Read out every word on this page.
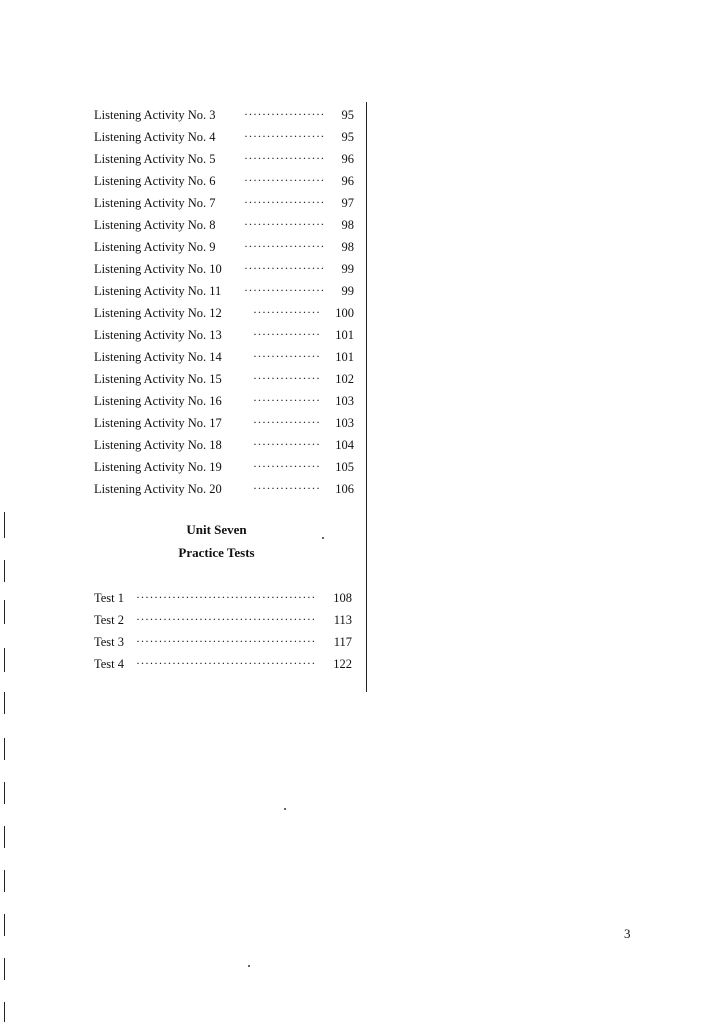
Listening Activity No. 3 ·················· 95
Listening Activity No. 4 ·················· 95
Listening Activity No. 5 ·················· 96
Listening Activity No. 6 ·················· 96
Listening Activity No. 7 ·················· 97
Listening Activity No. 8 ·················· 98
Listening Activity No. 9 ·················· 98
Listening Activity No. 10 ·················· 99
Listening Activity No. 11 ·················· 99
Listening Activity No. 12	··············· 100
Listening Activity No. 13	··············· 101
Listening Activity No. 14	··············· 101
Listening Activity No. 15	··············· 102
Listening Activity No. 16	··············· 103
Listening Activity No. 17	··············· 103
Listening Activity No. 18	··············· 104
Listening Activity No. 19	··············· 105
Listening Activity No. 20	··············· 106
Unit Seven
Practice Tests
Test 1 ········································ 108
Test 2 ········································ 113
Test 3 ········································ 117
Test 4 ········································ 122
3
